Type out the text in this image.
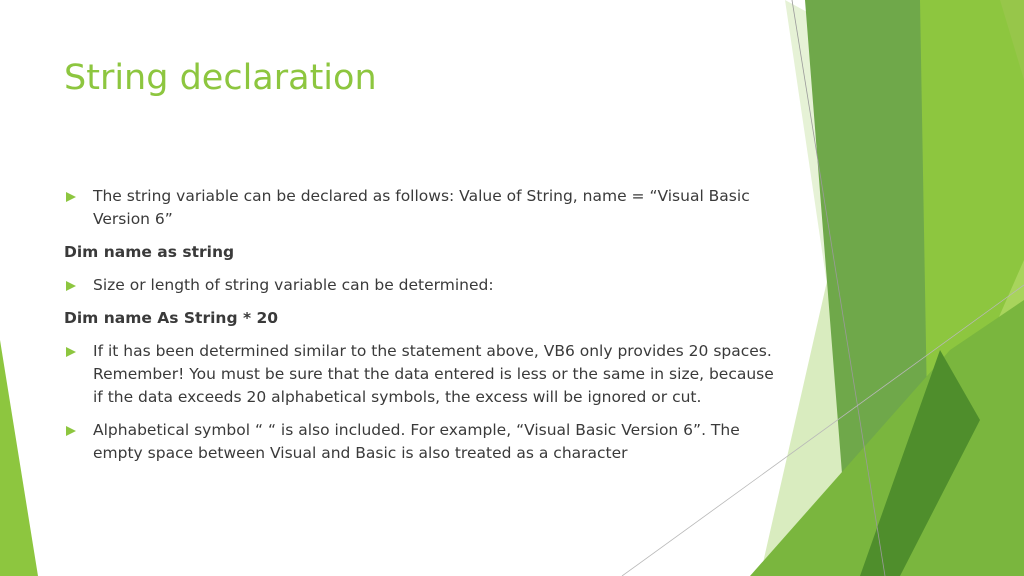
String declaration
The string variable can be declared as follows: Value of String, name = “Visual Basic Version 6”
Dim name as string
Size or length of string variable can be determined:
Dim name As String * 20
If it has been determined similar to the statement above, VB6 only provides 20 spaces. Remember! You must be sure that the data entered is less or the same in size, because if the data exceeds 20 alphabetical symbols, the excess will be ignored or cut.
Alphabetical symbol “ “ is also included. For example, “Visual Basic Version 6”. The empty space between Visual and Basic is also treated as a character
